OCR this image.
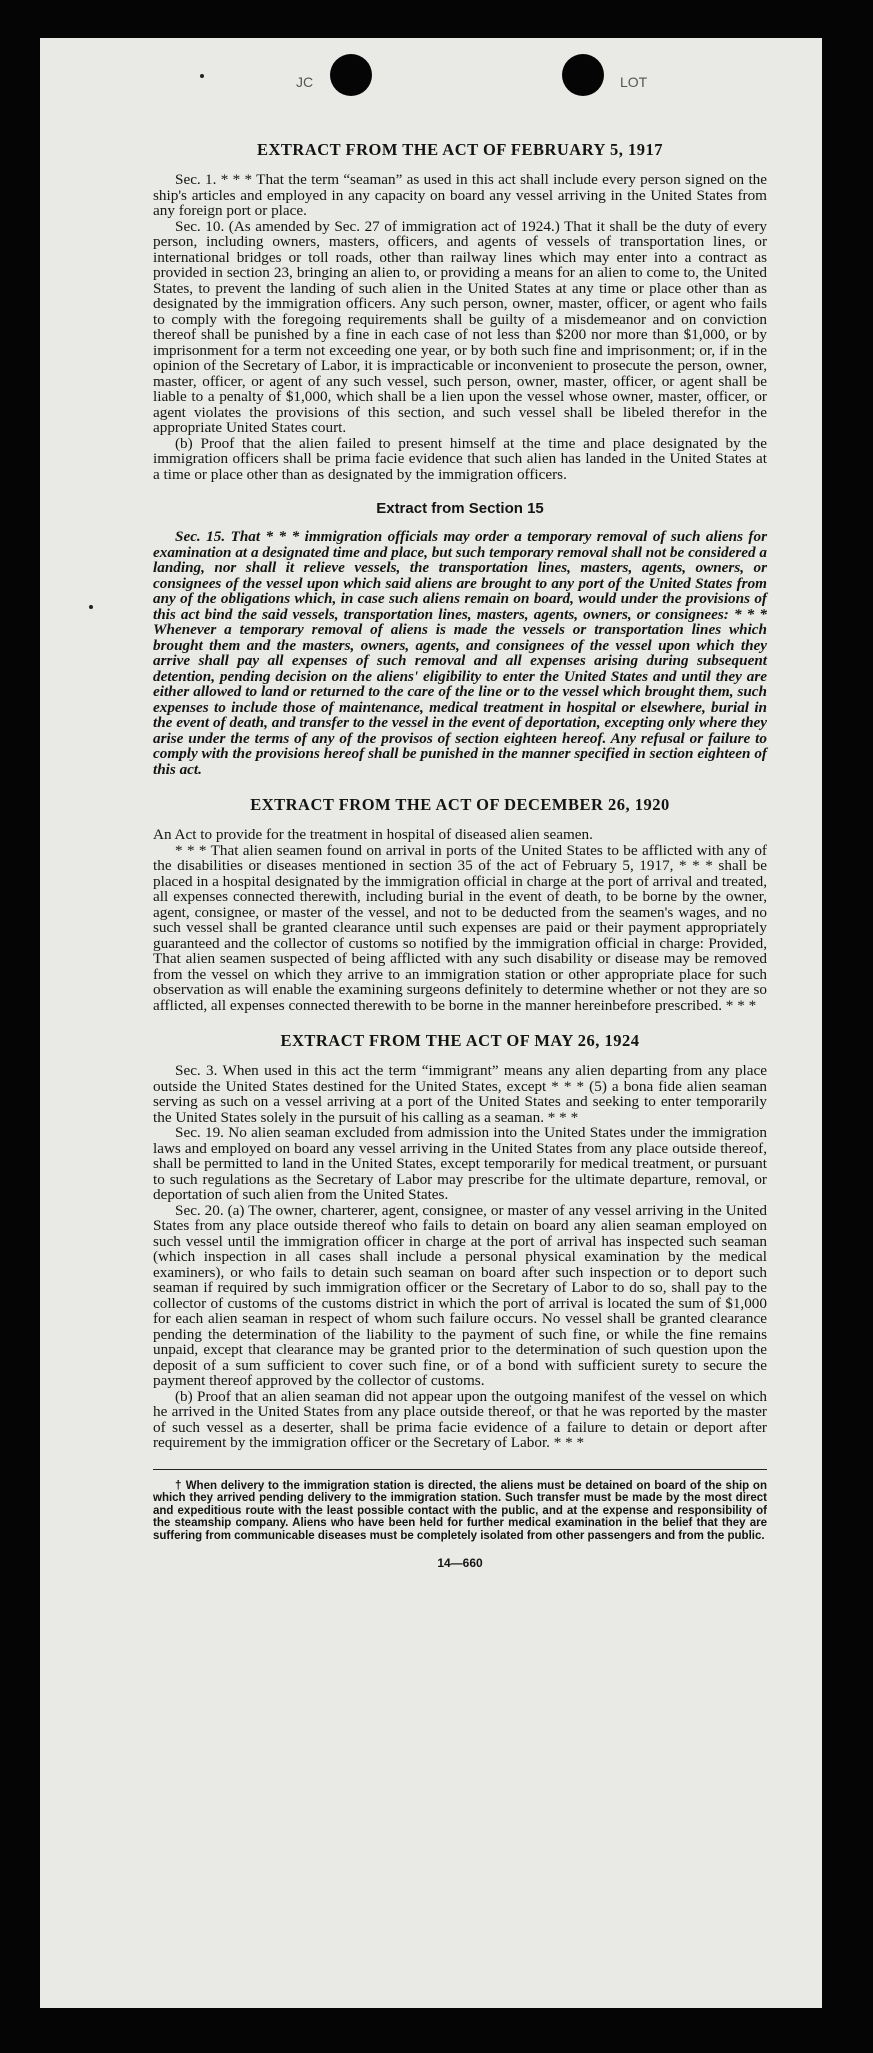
JC	LOT
EXTRACT FROM THE ACT OF FEBRUARY 5, 1917

Sec. 1. * * * That the term “seaman” as used in this act shall include every person signed on the ship's articles and employed in any capacity on board any vessel arriving in the United States from any foreign port or place.

Sec. 10. (As amended by Sec. 27 of immigration act of 1924.) That it shall be the duty of every person, including owners, masters, officers, and agents of vessels of transportation lines, or international bridges or toll roads, other than railway lines which may enter into a contract as provided in section 23, bringing an alien to, or providing a means for an alien to come to, the United States, to prevent the landing of such alien in the United States at any time or place other than as designated by the immigration officers. Any such person, owner, master, officer, or agent who fails to comply with the foregoing requirements shall be guilty of a misdemeanor and on conviction thereof shall be punished by a fine in each case of not less than $200 nor more than $1,000, or by imprisonment for a term not exceeding one year, or by both such fine and imprisonment; or, if in the opinion of the Secretary of Labor, it is impracticable or inconvenient to prosecute the person, owner, master, officer, or agent of any such vessel, such person, owner, master, officer, or agent shall be liable to a penalty of $1,000, which shall be a lien upon the vessel whose owner, master, officer, or agent violates the provisions of this section, and such vessel shall be libeled therefor in the appropriate United States court.

(b) Proof that the alien failed to present himself at the time and place designated by the immigration officers shall be prima facie evidence that such alien has landed in the United States at a time or place other than as designated by the immigration officers.

Extract from Section 15

Sec. 15. That * * * immigration officials may order a temporary removal of such aliens for examination at a designated time and place, but such temporary removal shall not be considered a landing, nor shall it relieve vessels, the transportation lines, masters, agents, owners, or consignees of the vessel upon which said aliens are brought to any port of the United States from any of the obligations which, in case such aliens remain on board, would under the provisions of this act bind the said vessels, transportation lines, masters, agents, owners, or consignees: * * * Whenever a temporary removal of aliens is made the vessels or transportation lines which brought them and the masters, owners, agents, and consignees of the vessel upon which they arrive shall pay all expenses of such removal and all expenses arising during subsequent detention, pending decision on the aliens' eligibility to enter the United States and until they are either allowed to land or returned to the care of the line or to the vessel which brought them, such expenses to include those of maintenance, medical treatment in hospital or elsewhere, burial in the event of death, and transfer to the vessel in the event of deportation, excepting only where they arise under the terms of any of the provisos of section eighteen hereof. Any refusal or failure to comply with the provisions hereof shall be punished in the manner specified in section eighteen of this act.

EXTRACT FROM THE ACT OF DECEMBER 26, 1920

An Act to provide for the treatment in hospital of diseased alien seamen.

* * * That alien seamen found on arrival in ports of the United States to be afflicted with any of the disabilities or diseases mentioned in section 35 of the act of February 5, 1917, * * * shall be placed in a hospital designated by the immigration official in charge at the port of arrival and treated, all expenses connected therewith, including burial in the event of death, to be borne by the owner, agent, consignee, or master of the vessel, and not to be deducted from the seamen's wages, and no such vessel shall be granted clearance until such expenses are paid or their payment appropriately guaranteed and the collector of customs so notified by the immigration official in charge: Provided, That alien seamen suspected of being afflicted with any such disability or disease may be removed from the vessel on which they arrive to an immigration station or other appropriate place for such observation as will enable the examining surgeons definitely to determine whether or not they are so afflicted, all expenses connected therewith to be borne in the manner hereinbefore prescribed. * * *

EXTRACT FROM THE ACT OF MAY 26, 1924

Sec. 3. When used in this act the term “immigrant” means any alien departing from any place outside the United States destined for the United States, except * * * (5) a bona fide alien seaman serving as such on a vessel arriving at a port of the United States and seeking to enter temporarily the United States solely in the pursuit of his calling as a seaman. * * *

Sec. 19. No alien seaman excluded from admission into the United States under the immigration laws and employed on board any vessel arriving in the United States from any place outside thereof, shall be permitted to land in the United States, except temporarily for medical treatment, or pursuant to such regulations as the Secretary of Labor may prescribe for the ultimate departure, removal, or deportation of such alien from the United States.

Sec. 20. (a) The owner, charterer, agent, consignee, or master of any vessel arriving in the United States from any place outside thereof who fails to detain on board any alien seaman employed on such vessel until the immigration officer in charge at the port of arrival has inspected such seaman (which inspection in all cases shall include a personal physical examination by the medical examiners), or who fails to detain such seaman on board after such inspection or to deport such seaman if required by such immigration officer or the Secretary of Labor to do so, shall pay to the collector of customs of the customs district in which the port of arrival is located the sum of $1,000 for each alien seaman in respect of whom such failure occurs. No vessel shall be granted clearance pending the determination of the liability to the payment of such fine, or while the fine remains unpaid, except that clearance may be granted prior to the determination of such question upon the deposit of a sum sufficient to cover such fine, or of a bond with sufficient surety to secure the payment thereof approved by the collector of customs.

(b) Proof that an alien seaman did not appear upon the outgoing manifest of the vessel on which he arrived in the United States from any place outside thereof, or that he was reported by the master of such vessel as a deserter, shall be prima facie evidence of a failure to detain or deport after requirement by the immigration officer or the Secretary of Labor. * * *

† When delivery to the immigration station is directed, the aliens must be detained on board of the ship on which they arrived pending delivery to the immigration station. Such transfer must be made by the most direct and expeditious route with the least possible contact with the public, and at the expense and responsibility of the steamship company. Aliens who have been held for further medical examination in the belief that they are suffering from communicable diseases must be completely isolated from other passengers and from the public.

14—660
